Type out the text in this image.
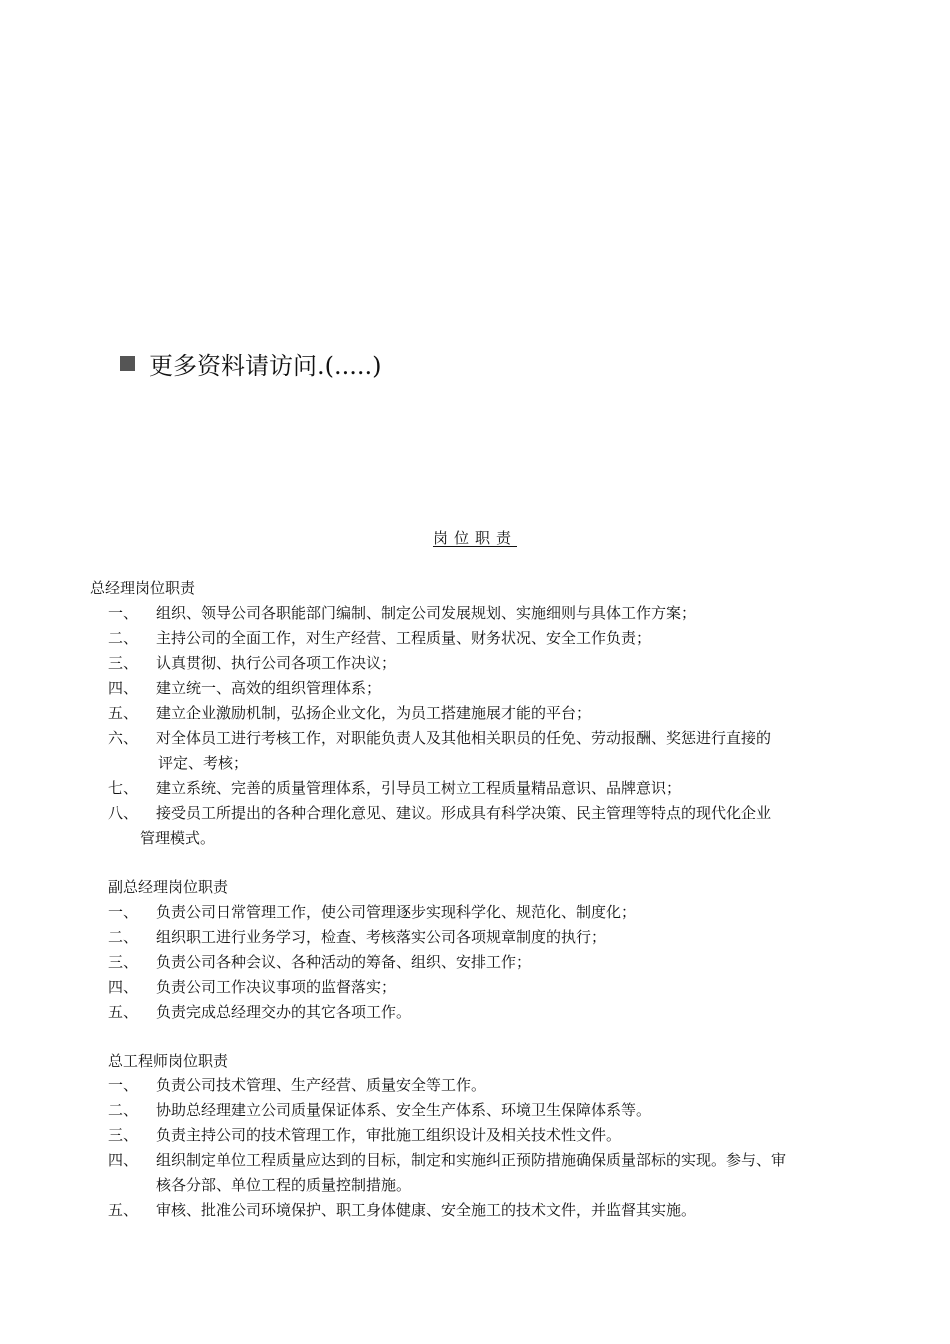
更多资料请访问.(.....)
岗位职责
总经理岗位职责
一、 组织、领导公司各职能部门编制、制定公司发展规划、实施细则与具体工作方案；
二、 主持公司的全面工作，对生产经营、工程质量、财务状况、安全工作负责；
三、 认真贯彻、执行公司各项工作决议；
四、 建立统一、高效的组织管理体系；
五、 建立企业激励机制，弘扬企业文化，为员工搭建施展才能的平台；
六、 对全体员工进行考核工作，对职能负责人及其他相关职员的任免、劳动报酬、奖惩进行直接的
评定、考核；
七、 建立系统、完善的质量管理体系，引导员工树立工程质量精品意识、品牌意识；
八、 接受员工所提出的各种合理化意见、建议。形成具有科学决策、民主管理等特点的现代化企业
管理模式。
副总经理岗位职责
一、 负责公司日常管理工作，使公司管理逐步实现科学化、规范化、制度化；
二、 组织职工进行业务学习，检查、考核落实公司各项规章制度的执行；
三、 负责公司各种会议、各种活动的筹备、组织、安排工作；
四、 负责公司工作决议事项的监督落实；
五、 负责完成总经理交办的其它各项工作。
总工程师岗位职责
一、 负责公司技术管理、生产经营、质量安全等工作。
二、 协助总经理建立公司质量保证体系、安全生产体系、环境卫生保障体系等。
三、 负责主持公司的技术管理工作，审批施工组织设计及相关技术性文件。
四、 组织制定单位工程质量应达到的目标，制定和实施纠正预防措施确保质量部标的实现。参与、审
核各分部、单位工程的质量控制措施。
五、 审核、批准公司环境保护、职工身体健康、安全施工的技术文件，并监督其实施。
